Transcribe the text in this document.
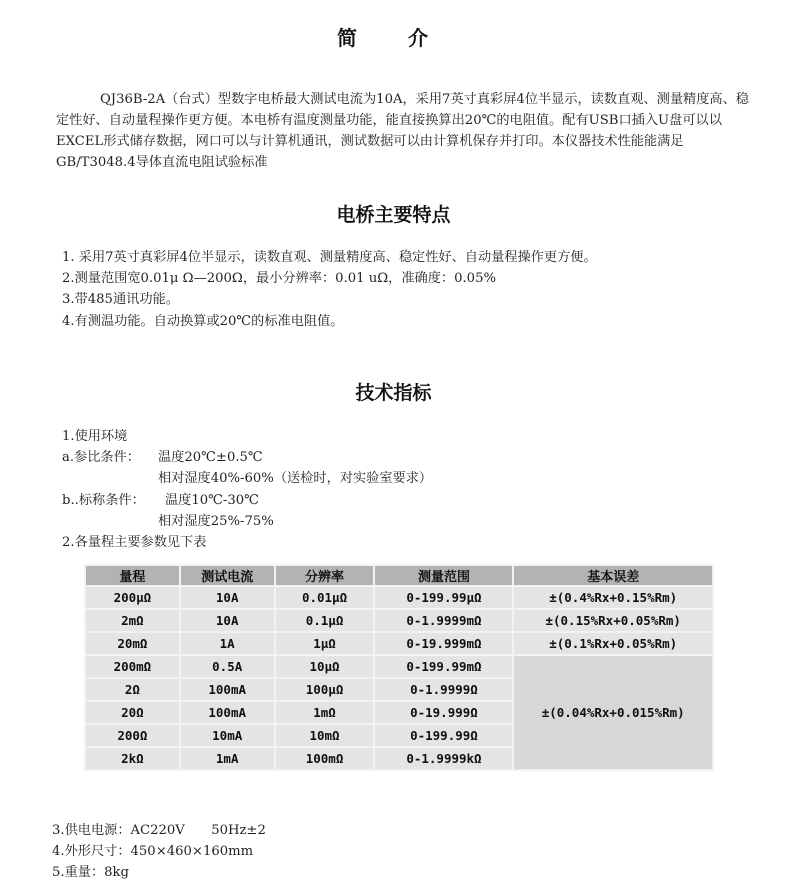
简 介

QJ36B-2A（台式）型数字电桥最大测试电流为10A，采用7英寸真彩屏4位半显示，读数直观、测量精度高、稳定性好、自动量程操作更方便。本电桥有温度测量功能，能直接换算出20℃的电阻值。配有USB口插入U盘可以以EXCEL形式储存数据，网口可以与计算机通讯，测试数据可以由计算机保存并打印。本仪器技术性能能满足GB/T3048.4导体直流电阻试验标准

电桥主要特点
1. 采用7英寸真彩屏4位半显示，读数直观、测量精度高、稳定性好、自动量程操作更方便。
2.测量范围宽0.01μ Ω—200Ω，最小分辨率：0.01 uΩ，准确度：0.05%
3.带485通讯功能。
4.有测温功能。自动换算或20℃的标准电阻值。
技术指标
1.使用环境
a.参比条件： 温度20℃±0.5℃
相对湿度40%-60%（送检时，对实验室要求）
b..标称条件： 温度10℃-30℃
相对湿度25%-75%
2.各量程主要参数见下表
量程	测试电流	分辨率	测量范围	基本误差
200μΩ	10A	0.01μΩ	0-199.99μΩ	±(0.4%Rx+0.15%Rm)
2mΩ	10A	0.1μΩ	0-1.9999mΩ	±(0.15%Rx+0.05%Rm)
20mΩ	1A	1μΩ	0-19.999mΩ	±(0.1%Rx+0.05%Rm)
200mΩ	0.5A	10μΩ	0-199.99mΩ	±(0.04%Rx+0.015%Rm)
2Ω	100mA	100μΩ	0-1.9999Ω	
20Ω	100mA	1mΩ	0-19.999Ω	
200Ω	10mA	10mΩ	0-199.99Ω	
2kΩ	1mA	100mΩ	0-1.9999kΩ	
3.供电电源：AC220V　　50Hz±2
4.外形尺寸：450×460×160mm
5.重量：8kg
